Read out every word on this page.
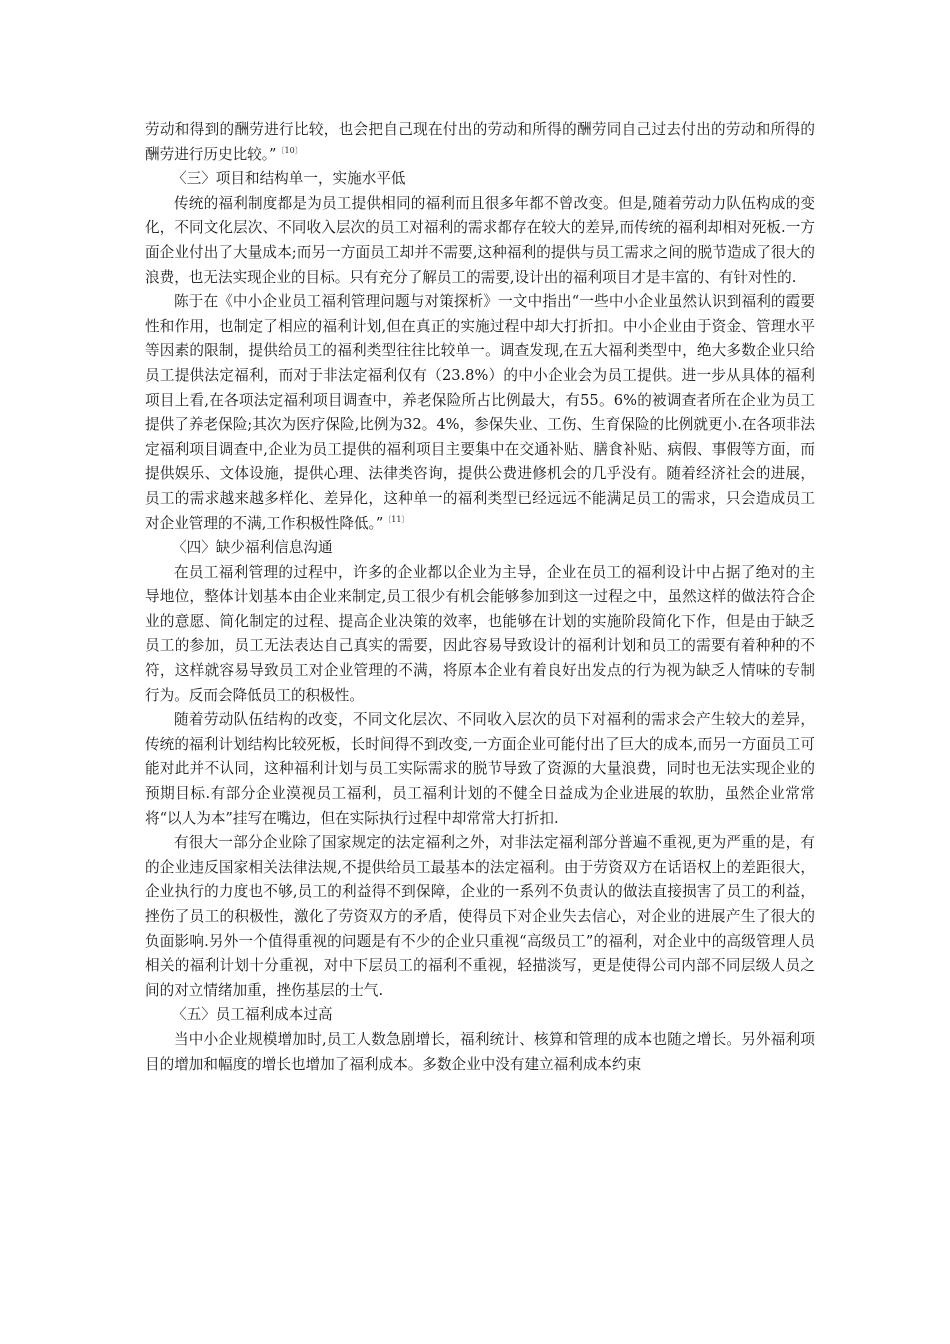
劳动和得到的酬劳进行比较，也会把自己现在付出的劳动和所得的酬劳同自己过去付出的劳动和所得的酬劳进行历史比较。”$^{〔10〕}$

〈三〉项目和结构单一，实施水平低

传统的福利制度都是为员工提供相同的福利而且很多年都不曾改变。但是,随着劳动力队伍构成的变化，不同文化层次、不同收入层次的员工对福利的需求都存在较大的差异,而传统的福利却相对死板.一方面企业付出了大量成本;而另一方面员工却并不需要,这种福利的提供与员工需求之间的脱节造成了很大的浪费，也无法实现企业的目标。只有充分了解员工的需要,设计出的福利项目才是丰富的、有针对性的.

陈于在《中小企业员工福利管理问题与对策探析》一文中指出“一些中小企业虽然认识到福利的霞要性和作用，也制定了相应的福利计划,但在真正的实施过程中却大打折扣。中小企业由于资金、管理水平等因素的限制，提供给员工的福利类型往往比较单一。调查发现,在五大福利类型中，绝大多数企业只给员工提供法定福利，而对于非法定福利仅有（23.8%）的中小企业会为员工提供。进一步从具体的福利项目上看,在各项法定福利项目调查中，养老保险所占比例最大，有55。6%的被调查者所在企业为员工提供了养老保险;其次为医疗保险,比例为32。4%，参保失业、工伤、生育保险的比例就更小.在各项非法定福利项目调查中,企业为员工提供的福利项目主要集中在交通补贴、膳食补贴、病假、事假等方面，而提供娱乐、文体设施，提供心理、法律类咨询，提供公费进修机会的几乎没有。随着经济社会的进展，员工的需求越来越多样化、差异化，这种单一的福利类型已经远远不能满足员工的需求，只会造成员工对企业管理的不满,工作积极性降低。”$^{〔11〕}$

〈四〉缺少福利信息沟通

在员工福利管理的过程中，许多的企业都以企业为主导，企业在员工的福利设计中占据了绝对的主导地位，整体计划基本由企业来制定,员工很少有机会能够参加到这一过程之中，虽然这样的做法符合企业的意愿、简化制定的过程、提高企业决策的效率，也能够在计划的实施阶段简化下作，但是由于缺乏员工的参加，员工无法表达自己真实的需要，因此容易导致设计的福利计划和员工的需要有着种种的不符，这样就容易导致员工对企业管理的不满，将原本企业有着良好出发点的行为视为缺乏人情味的专制行为。反而会降低员工的积极性。

随着劳动队伍结构的改变，不同文化层次、不同收入层次的员下对福利的需求会产生较大的差异，传统的福利计划结构比较死板，长时间得不到改变,一方面企业可能付出了巨大的成本,而另一方面员工可能对此并不认同，这种福利计划与员工实际需求的脱节导致了资源的大量浪费，同时也无法实现企业的预期目标.有部分企业漠视员工福利，员工福利计划的不健全日益成为企业进展的软肋，虽然企业常常将“以人为本”挂写在嘴边，但在实际执行过程中却常常大打折扣.

有很大一部分企业除了国家规定的法定福利之外，对非法定福利部分普遍不重视,更为严重的是，有的企业违反国家相关法律法规,不提供给员工最基本的法定福利。由于劳资双方在话语权上的差距很大，企业执行的力度也不够,员工的利益得不到保障，企业的一系列不负责认的做法直接损害了员工的利益，挫伤了员工的积极性，激化了劳资双方的矛盾，使得员下对企业失去信心，对企业的进展产生了很大的负面影响.另外一个值得重视的问题是有不少的企业只重视“高级员工”的福利，对企业中的高级管理人员相关的福利计划十分重视，对中下层员工的福利不重视，轻描淡写，更是使得公司内部不同层级人员之间的对立情绪加重，挫伤基层的士气.

〈五〉员工福利成本过高

当中小企业规模增加时,员工人数急剧增长，福利统计、核算和管理的成本也随之增长。另外福利项目的增加和幅度的增长也增加了福利成本。多数企业中没有建立福利成本约束
